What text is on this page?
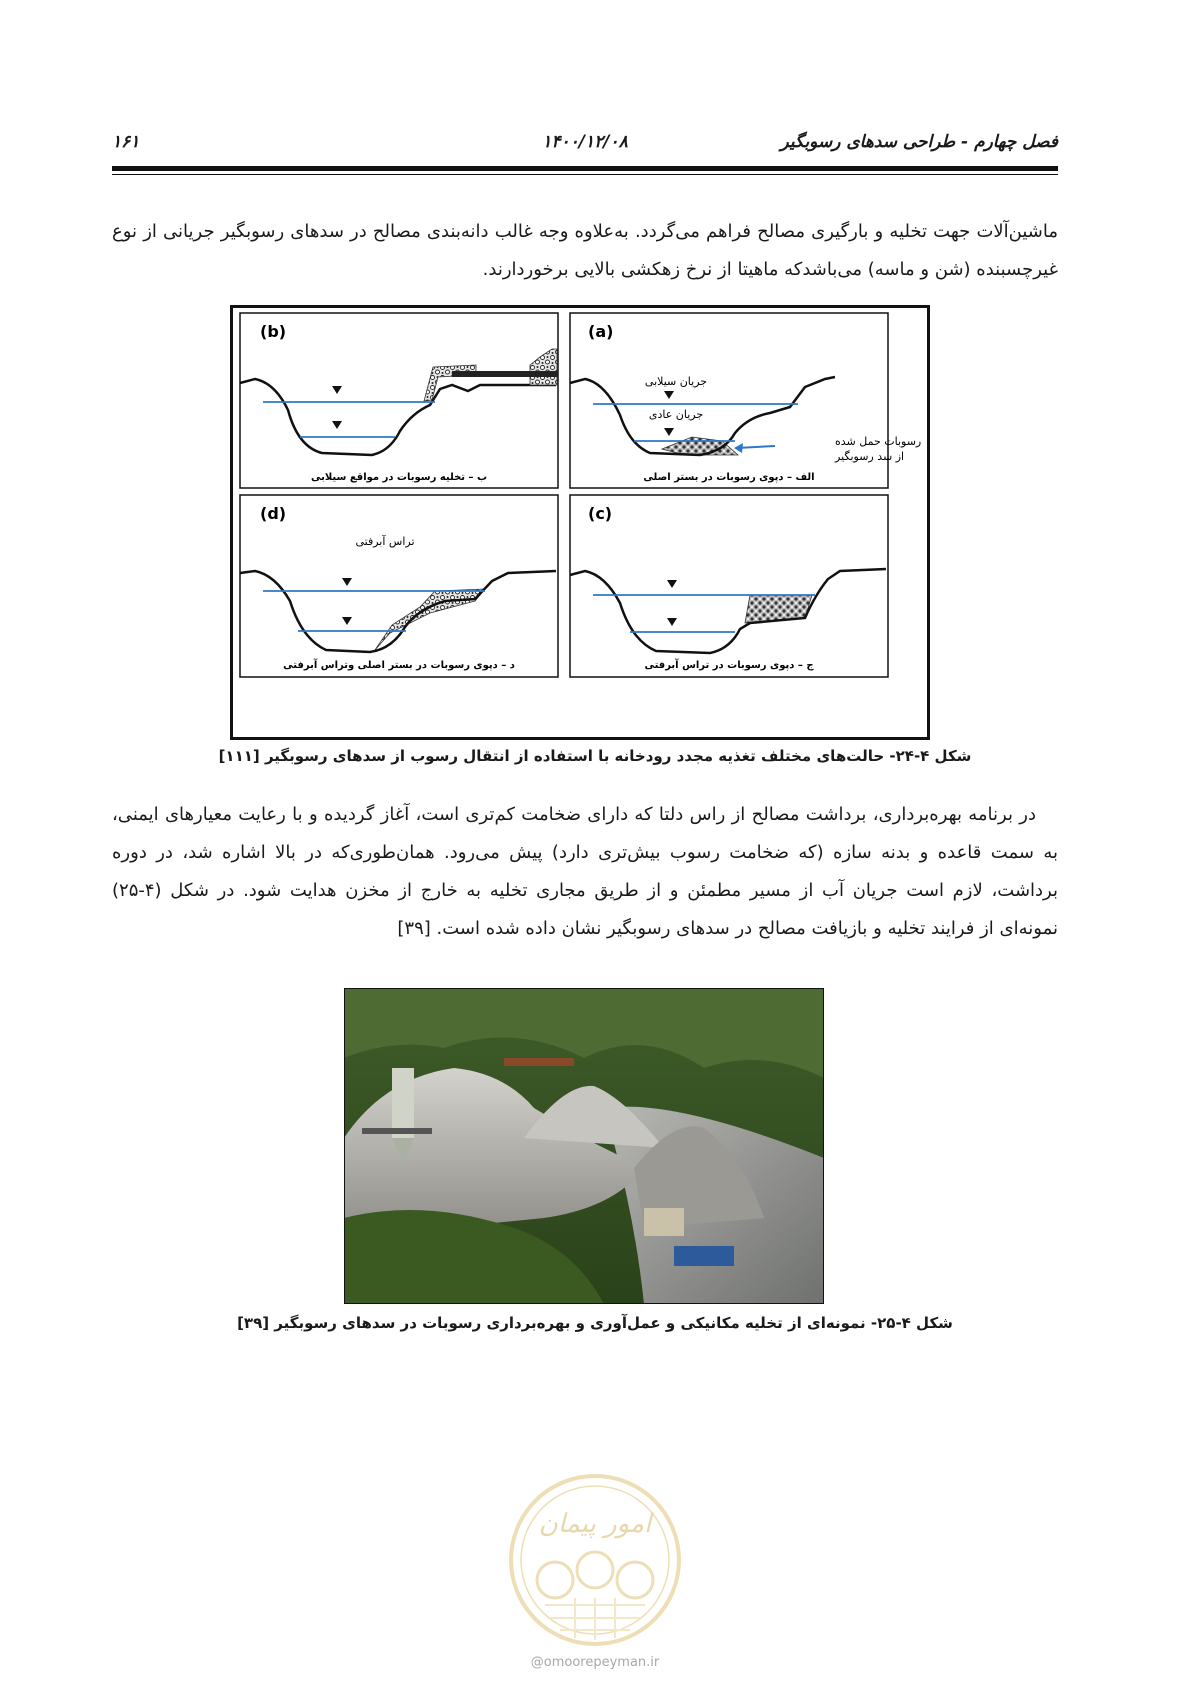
فصل چهارم - طراحی سدهای رسوبگیر
۱۴۰۰/۱۲/۰۸
۱۶۱

ماشین‌آلات جهت تخلیه و بارگیری مصالح فراهم می‌گردد. به‌علاوه وجه غالب دانه‌بندی مصالح در سدهای رسوبگیر جریانی از نوع غیرچسبنده (شن و ماسه) می‌باشدکه ماهیتا از نرخ زهکشی بالایی برخوردارند.

(b)
ب – تخلیه رسوبات در مواقع سیلابی
(a)
جریان سیلابی
جریان عادی
رسوبات حمل شده
از سد رسوبگیر
الف – دپوی رسوبات در بستر اصلی
(d)
تراس آبرفتی
د – دپوی رسوبات در بستر اصلی وتراس آبرفتی
(c)
ج – دپوی رسوبات در تراس آبرفتی
شکل ۴-۲۴- حالت‌های مختلف تغذیه مجدد رودخانه با استفاده از انتقال رسوب از سدهای رسوبگیر [۱۱۱]

در برنامه بهره‌برداری، برداشت مصالح از راس دلتا که دارای ضخامت کم‌تری است، آغاز گردیده و با رعایت معیارهای ایمنی، به سمت قاعده و بدنه سازه (که ضخامت رسوب بیش‌تری دارد) پیش می‌رود. همان‌طوری‌که در بالا اشاره شد، در دوره برداشت، لازم است جریان آب از مسیر مطمئن و از طریق مجاری تخلیه به خارج از مخزن هدایت شود. در شکل (۴-۲۵) نمونه‌ای از فرایند تخلیه و بازیافت مصالح در سدهای رسوبگیر نشان داده شده است. [۳۹]

شکل ۴-۲۵- نمونه‌ای از تخلیه مکانیکی و عمل‌آوری و بهره‌برداری رسوبات در سدهای رسوبگیر [۳۹]
امور پیمان
@omoorepeyman.ir
